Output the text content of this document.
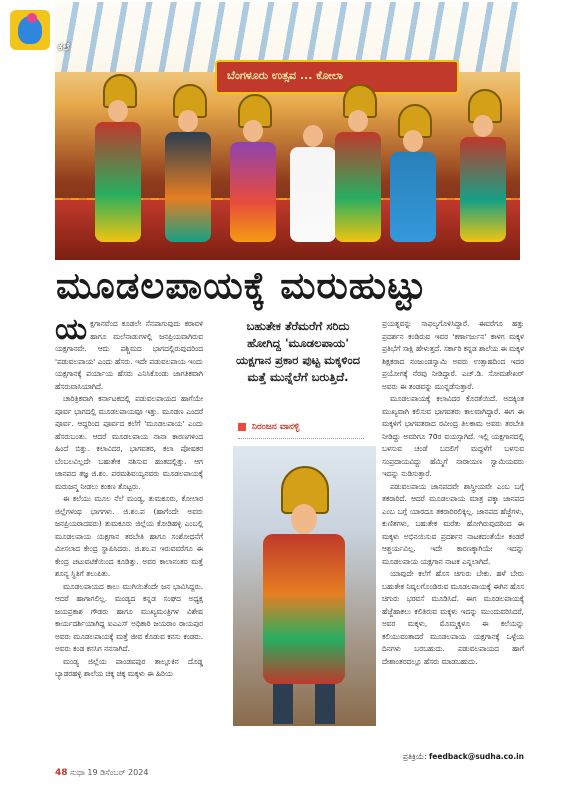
ಬೆಂಗಳೂರು ಉತ್ಸವ ... ಕೋಲಾ
ಕಲೆ
ಮೂಡಲಪಾಯಕ್ಕೆ ಮರುಹುಟ್ಟು
ಯ ಕ್ಷಗಾನವೆಂದ ಕೂಡಲೇ ನೆನಪಾಗುವುದು ಕರಾವಳಿ ಹಾಗೂ ಮಲೆನಾಡುಗಳಲ್ಲಿ ಜನಪ್ರಿಯವಾಗಿರುವ ಯಕ್ಷಗಾನವೇ. ಆದು ಪಶ್ಚಿಮದ ಭಾಗದಲ್ಲಿರುವುದರಿಂದ 'ಪಡುವಲಪಾಯ' ಎಂದು ಹೆಸರು. ಇದೇ ಪಡುವಲಪಾಯ ಇಂದು ಯಕ್ಷಗಾನಕ್ಕೆ ಪರ್ಯಾಯ ಹೆಸರು ಎನಿಸಿಕೊಂಡು ಜಾಗತಿಕವಾಗಿ ಹೆಸರುವಾಸಿಯಾಗಿದೆ.

ಚಾರಿತ್ರಿಕವಾಗಿ ಕರ್ನಾಟಕದಲ್ಲಿ ಪಡುವಲಪಾಯದ ಹಾಗೆಯೇ ಪೂರ್ವ ಭಾಗದಲ್ಲಿ ಮೂಡಲಪಾಯವೂ ಇತ್ತು. ಮೂಡಣ ಎಂದರೆ ಪೂರ್ವ. ಆದ್ದರಿಂದ ಪೂರ್ವದ ಕಲೆಗೆ 'ಮೂಡಲಪಾಯ' ಎಂದು ಹೆಸರುಬಂತು. ಆದರೆ ಮೂಡಲಪಾಯ ನಾನಾ ಕಾರಣಗಳಿಂದ ಹಿಂದೆ ಬಿತ್ತು. ಕಲಾವಿದರ, ಭಾಗವತರ, ಕಲಾ ಪೋಷಕರ ಬೆಂಬಲವಿಲ್ಲದೇ ಬಹುತೇಕ ನಶಿಸುವ ಹಂತದಲ್ಲಿತ್ತು. ಆಗ ಜಾನಪದ ತಜ್ಞ ಜಿ.ಶಂ. ಪರಮಶಿವಯ್ಯನವರು ಮೂಡಲಪಾಯಕ್ಕೆ ಮರುಜನ್ಮ ನೀಡಲು ಕಂಕಣ ತೊಟ್ಟರು.

ಈ ಕಲೆಯು ಮೂಲ ನೆಲೆ ಮಂಡ್ಯ, ತುಮಕೂರು, ಕೋಲಾರ ಜಿಲ್ಲೆಗಳಂಥ ಭಾಗಗಳು. ಜಿ.ಶಂ.ಪ (ಹಾಗೆಂದೇ ಅವರು ಜನಪ್ರಿಯರಾದವರು) ತುಮಕೂರು ಜಿಲ್ಲೆಯ ಕೋಡಿಹಳ್ಳಿ ಎಂಬಲ್ಲಿ ಮೂಡಲಪಾಯ ಯಕ್ಷಗಾನ ತರಬೇತಿ ಹಾಗೂ ಸಂಶೋಧನೆಗೆ ಮೀಸಲಾದ ಕೇಂದ್ರ ಸ್ಥಾಪಿಸಿದರು. ಜಿ.ಶಂ.ಪ ಇರುವವರೆಗೂ ಈ ಕೇಂದ್ರ ಚಟುವಟಿಕೆಯಿಂದ ಕೂಡಿತ್ತು. ಅವರ ಕಾಲಾನಂತರ ಮತ್ತೆ ಶೂನ್ಯ ಸ್ಥಿತಿಗೆ ತಲುಪಿತು.

ಮೂಡಲಪಾಯದ ಕಾಲು ಮುಗಿಯಿತೆಂದೇ ಜನ ಭಾವಿಸಿದ್ದರು. ಆದರೆ ಹಾಗಾಗಲಿಲ್ಲ. ಮಂಡ್ಯದ ಕನ್ನಡ ಸಂಘದ ಅಧ್ಯಕ್ಷ ಜಯಪ್ರಕಾಶ ಗೌಡರು ಹಾಗೂ ಮುಖ್ಯಮಂತ್ರಿಗಳ ವಿಶೇಷ ಕಾರ್ಯದರ್ಶಿಯಾಗಿದ್ದ ಐಎಎಸ್ ಅಧಿಕಾರಿ ಜಯರಾಂ ರಾಯಪುರ ಅವರು ಮೂಡಲಪಾಯಕ್ಕೆ ಮತ್ತೆ ಜೀವ ಕೊಡುವ ಕನಸು ಕಂಡರು. ಅವರು ಕಂಡ ಕನಸಿಗ ನನಸಾಗಿದೆ.

ಮಂಡ್ಯ ಜಿಲ್ಲೆಯ ಪಾಂಡವಪುರ ತಾಲ್ಲೂಕಿನ ದೊಡ್ಡ ಬ್ಯಾಡರಹಳ್ಳಿ ಶಾಲೆಯ ಚಿಕ್ಕ ಚಿಕ್ಕ ಮಕ್ಕಳು ಈ ಹಿರಿಯ

ಬಹುತೇಕ ತೆರೆಮರೆಗೆ ಸರಿದು ಹೋಗಿದ್ದ 'ಮೂಡಲಪಾಯ' ಯಕ್ಷಗಾನ ಪ್ರಕಾರ ಪುಟ್ಟ ಮಕ್ಕಳಿಂದ ಮತ್ತೆ ಮುನ್ನೆಲೆಗೆ ಬರುತ್ತಿದೆ.
ನಿರಂಜನ ವಾನಳ್ಳಿ

ಪ್ರಯತ್ನವನ್ನು ಸಾಫಲ್ಯಗೊಳಿಸಿದ್ದಾರೆ. ಈವರೆಗೂ ಹತ್ತು ಪ್ರದರ್ಶನ ಕಂಡಿರುವ ಇವರ 'ಕರ್ಣಾರ್ಜುನ' ಕಾಳಗ ಮಕ್ಕಳ ಪ್ರತಿಭೆಗೆ ಸಾಕ್ಷಿ ಹೇಳುತ್ತದೆ. ಸರ್ಕಾರಿ ಕನ್ನಡ ಶಾಲೆಯ ಈ ಮಕ್ಕಳ ಶಿಕ್ಷಕರಾದ ನಂಜುಂಡಸ್ವಾಮಿ ಅವರು ಉತ್ಸಾಹದಿಂದ ಇದರ ಪ್ರಯೋಗಕ್ಕೆ ನೆರವು ನೀಡಿದ್ದಾರೆ. ಎಚ್.ಡಿ. ಸೋಮಶೇಖರ್ ಅವರು ಈ ತಂಡವನ್ನು ಮುನ್ನಡೆಸುತ್ತಾರೆ.

ಮೂಡಲಪಾಯಕ್ಕೆ ಕಲಾವಿದರ ಕೊರತೆಯಿದೆ. ಅದಕ್ಕಿಂತ ಮುಖ್ಯವಾಗಿ ಕಲಿಸುವ ಭಾಗವತರು ಕಾಲವಾಗಿದ್ದಾರೆ. ಈಗ ಈ ಮಕ್ಕಳಿಗೆ ಭಾಗವತರಾದ ರವೀಂದ್ರ ತಿಲಕಾಮ ಅವರು ತರಬೇತಿ ನೀಡಿದ್ದು ಅವರಿಗೂ 70ರ ವಯಸ್ಸಾಗಿದೆ. ಇಲ್ಲಿ ಯಕ್ಷಗಾನದಲ್ಲಿ ಬಳಸುವ ಚಂಡೆ ಬದಲಿಗೆ ಮದ್ದಳೆಗೆ ಬಳಸುವ ಸಂಪ್ರದಾಯವಿದ್ದು ಹೆಮ್ಮಿಗೆ ನಾರಾಯಣ ಸ್ವಾಮಿಯವರು ಇದನ್ನು ನುಡಿಸುತ್ತಾರೆ.

ಪಡುವಲಪಾಯ ಜಾನಪದವೇ ಶಾಸ್ತ್ರೀಯವೇ ಎಂಬ ಬಗ್ಗೆ ತಕರಾರಿದೆ. ಆದರೆ ಮೂಡಲಪಾಯ ಮಾತ್ರ ಪಕ್ಕಾ ಜಾನಪದ ಎಂಬ ಬಗ್ಗೆ ಯಾರದೂ ತಕರಾರಿರಲಿಕ್ಕಿಲ್ಲ. ಜಾನಪದ ಹೆಜ್ಜೆಗಳು, ಕುಣಿತಗಳು, ಬಹುತೇಕ ಮರೆತು ಹೋಗಿರುವುದರಿಂದ ಈ ಮಕ್ಕಳು ಅಭಿನಯಿಸುವ ಪ್ರದರ್ಶನ ನಾಟಕದಂತೆಯೇ ಕಂಡರೆ ಆಶ್ಚರ್ಯವಿಲ್ಲ. ಇದೇ ಕಾರಣಕ್ಕಾಗಿಯೇ ಇದನ್ನು ಮೂಡಲಪಾಯ ಯಕ್ಷಗಾನ ನಾಟಕ ಎನ್ನಲಾಗಿದೆ.

ಯಾವುದೇ ಕಲೆಗೆ ಹೊಸ ಚಿಗುರು ಬೇಕು. ಹಳೆ ಬೇರು ಬಹುತೇಕ ನಿಷ್ಕಲಗೊಂಡಿರುವ ಮೂಡಲಪಾಯಕ್ಕೆ ಈಗಿನ ಹೊಸ ಚಿಗುರು ಭರವಸೆ ಮೂಡಿಸಿದೆ. ಈಗ ಮೂಡಲಪಾಯಕ್ಕೆ ಹೆಜ್ಜೆಹಾಕಲು ಕಲಿತಿರುವ ಮಕ್ಕಳು ಇದನ್ನು ಮುಂದುವರಿಸಿದರೆ, ಅವರ ಮಕ್ಕಳು, ಮೊಮ್ಮಕ್ಕಳೂ ಈ ಕಲೆಯನ್ನು ಕಲಿಯುವಂತಾದರೆ ಮೂಡಲಪಾಯ ಯಕ್ಷಗಾನಕ್ಕೆ ಒಳ್ಳೆಯ ದಿನಗಳು ಬರಬಹುದು. ಪಡುವಲಪಾಯದ ಹಾಗೆ ದೇಶಾಂತರದಲ್ಲೂ ಹೆಸರು ಮಾಡಬಹುದು.

ಪ್ರತಿಕ್ರಿಯೆ: feedback@sudha.co.in
48 ಸುಧಾ 19 ಡಿಸೆಂಬರ್ 2024
